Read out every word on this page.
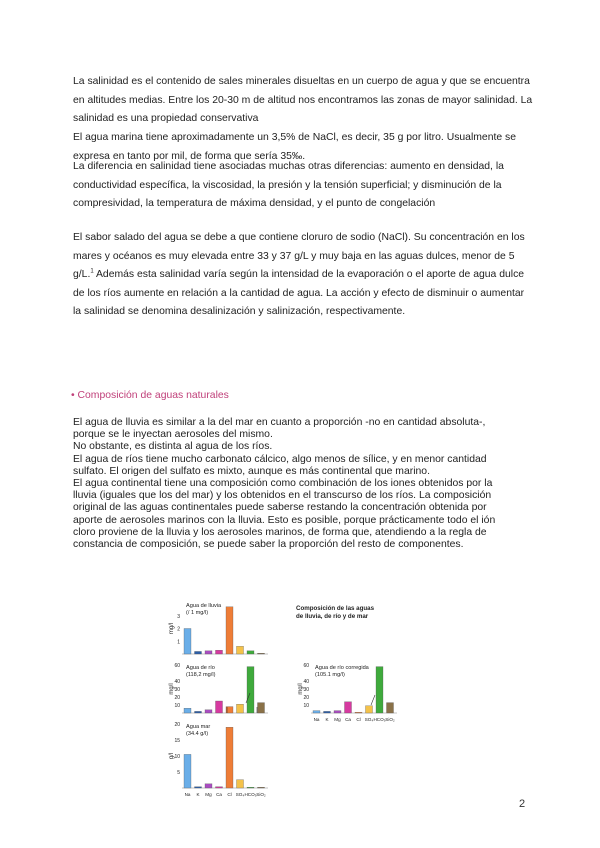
La salinidad es el contenido de sales minerales disueltas en un cuerpo de agua y que se encuentra en altitudes medias. Entre los 20-30 m de altitud nos encontramos las zonas de mayor salinidad. La salinidad es una propiedad conservativa

El agua marina tiene aproximadamente un 3,5% de NaCl, es decir, 35 g por litro. Usualmente se expresa en tanto por mil, de forma que sería 35‰.

La diferencia en salinidad tiene asociadas muchas otras diferencias: aumento en densidad, la conductividad específica, la viscosidad, la presión y la tensión superficial; y disminución de la compresividad, la temperatura de máxima densidad, y el punto de congelación

El sabor salado del agua se debe a que contiene cloruro de sodio (NaCl). Su concentración en los mares y océanos es muy elevada entre 33 y 37 g/L y muy baja en las aguas dulces, menor de 5 g/L.$^1$ Además esta salinidad varía según la intensidad de la evaporación o el aporte de agua dulce de los ríos aumente en relación a la cantidad de agua. La acción y efecto de disminuir o aumentar la salinidad se denomina desalinización y salinización, respectivamente.

• Composición de aguas naturales
El agua de lluvia es similar a la del mar en cuanto a proporción -no en cantidad absoluta-,
porque se le inyectan aerosoles del mismo.
No obstante, es distinta al agua de los ríos.
El agua de ríos tiene mucho carbonato cálcico, algo menos de sílice, y en menor cantidad
sulfato. El origen del sulfato es mixto, aunque es más continental que marino.
El agua continental tiene una composición como combinación de los iones obtenidos por la
lluvia (iguales que los del mar) y los obtenidos en el transcurso de los ríos. La composición
original de las aguas continentales puede saberse restando la concentración obtenida por
aporte de aerosoles marinos con la lluvia. Esto es posible, porque prácticamente todo el ión
cloro proviene de la lluvia y los aerosoles marinos, de forma que, atendiendo a la regla de
constancia de composición, se puede saber la proporción del resto de componentes.
Composición de las aguas
de lluvia, de río y de mar
1
2
3
mg/l
Agua de lluvia
(/ 1 mg/l)
10
20
30
40
60
mg/l
Agua de río
(118,2 mg/l)
10
20
30
40
60
mg/l
Agua de río corregida
(105.1 mg/l)
5
10
15
20
g/l
Agua mar
(34.4 g/l)
Na K Mg Ca Cl SO₄ HCO₃ SiO₂
Na K Mg Ca Cl SO₄ HCO₃ SiO₂
2
